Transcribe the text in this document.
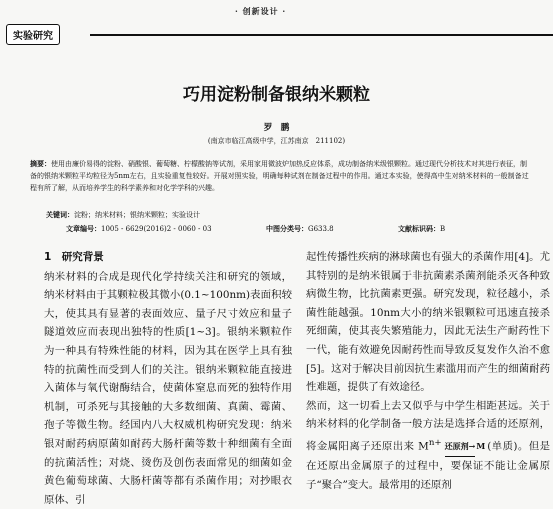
· 创新设计 ·
实验研究
巧用淀粉制备银纳米颗粒
罗　鹏
(南京市临江高级中学，江苏南京　211102)
摘要：使用由廉价易得的淀粉、硝酸银、葡萄糖、柠檬酸钠等试剂，采用家用微波炉加热反应体系，成功制备纳米级银颗粒。通过现代分析技术对其进行表征，制备的银纳米颗粒平均粒径为5nm左右，且实验重复性较好。开展对照实验，明确每种试剂在制备过程中的作用。通过本实验，使得高中生对纳米材料的一般制备过程有所了解，从而培养学生的科学素养和对化学学科的兴趣。
关键词：淀粉；纳米材料；银纳米颗粒；实验设计
文章编号：1005 - 6629(2016)2 - 0060 - 03	中图分类号：G633.8	文献标识码：B
1　研究背景

纳米材料的合成是现代化学持续关注和研究的领域，纳米材料由于其颗粒极其微小(0.1~100nm)表面积较大，使其具有显著的表面效应、量子尺寸效应和量子隧道效应而表现出独特的性质[1~3]。银纳米颗粒作为一种具有特殊性能的材料，因为其在医学上具有独特的抗菌性而受到人们的关注。银纳米颗粒能直接进入菌体与氧代谢酶结合，使菌体窒息而死的独特作用机制，可杀死与其接触的大多数细菌、真菌、霉菌、孢子等微生物。经国内八大权威机构研究发现：纳米银对耐药病原菌如耐药大肠杆菌等数十种细菌有全面的抗菌活性；对烧、烫伤及创伤表面常见的细菌如金黄色葡萄球菌、大肠杆菌等都有杀菌作用；对抄眼衣原体、引

起性传播性疾病的淋球菌也有强大的杀菌作用[4]。尤其特别的是纳米银属于非抗菌素杀菌剂能杀灭各种致病微生物，比抗菌素更强。研究发现，粒径越小，杀菌性能越强。10nm大小的纳米银颗粒可迅速直接杀死细菌，使其丧失繁殖能力，因此无法生产耐药性下一代，能有效避免因耐药性而导致反复发作久治不愈[5]。这对于解决目前因抗生素滥用而产生的细菌耐药性难题，提供了有效途径。

然而，这一切看上去又似乎与中学生相距甚远。关于纳米材料的化学制备一般方法是选择合适的还原剂，将金属阳离子还原出来 $M^{n+}$ 还原剂→M (单质)。但是在还原出金属原子的过程中，要保证不能让金属原子“聚合”变大。最常用的还原剂
